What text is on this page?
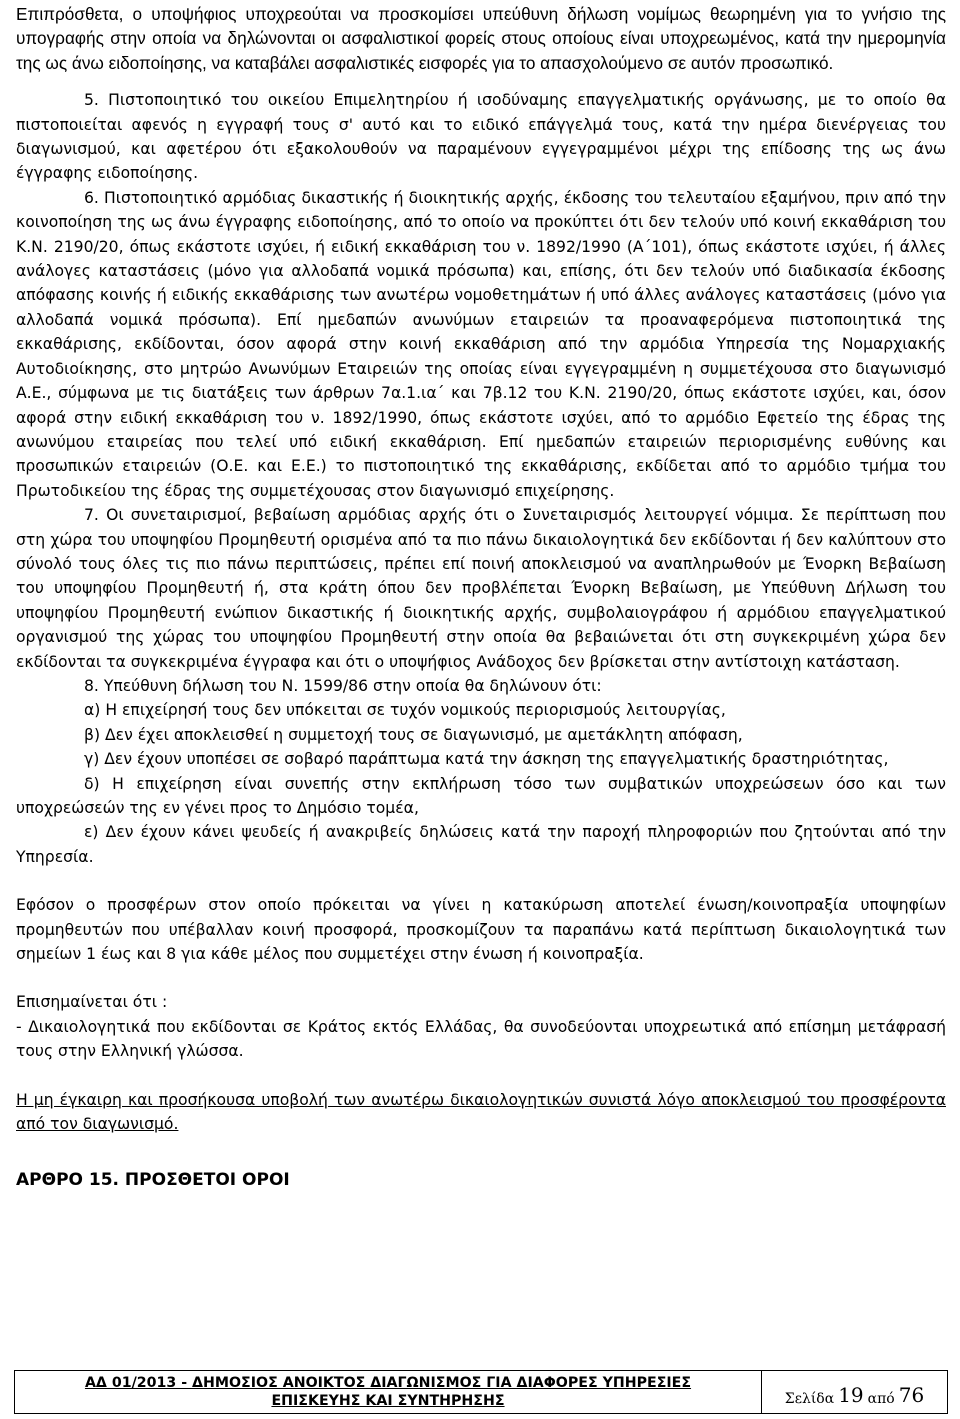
Επιπρόσθετα, ο υποψήφιος υποχρεούται να προσκομίσει υπεύθυνη δήλωση νομίμως θεωρημένη για το γνήσιο της υπογραφής στην οποία να δηλώνονται οι ασφαλιστικοί φορείς στους οποίους είναι υποχρεωμένος, κατά την ημερομηνία της ως άνω ειδοποίησης, να καταβάλει ασφαλιστικές εισφορές για το απασχολούμενο σε αυτόν προσωπικό.

5. Πιστοποιητικό του οικείου Επιμελητηρίου ή ισοδύναμης επαγγελματικής οργάνωσης, με το οποίο θα πιστοποιείται αφενός η εγγραφή τους σ' αυτό και το ειδικό επάγγελμά τους, κατά την ημέρα διενέργειας του διαγωνισμού, και αφετέρου ότι εξακολουθούν να παραμένουν εγγεγραμμένοι μέχρι της επίδοσης της ως άνω έγγραφης ειδοποίησης.

6. Πιστοποιητικό αρμόδιας δικαστικής ή διοικητικής αρχής, έκδοσης του τελευταίου εξαμήνου, πριν από την κοινοποίηση της ως άνω έγγραφης ειδοποίησης, από το οποίο να προκύπτει ότι δεν τελούν υπό κοινή εκκαθάριση του Κ.Ν. 2190/20, όπως εκάστοτε ισχύει, ή ειδική εκκαθάριση του ν. 1892/1990 (Α΄101), όπως εκάστοτε ισχύει, ή άλλες ανάλογες καταστάσεις (μόνο για αλλοδαπά νομικά πρόσωπα) και, επίσης, ότι δεν τελούν υπό διαδικασία έκδοσης απόφασης κοινής ή ειδικής εκκαθάρισης των ανωτέρω νομοθετημάτων ή υπό άλλες ανάλογες καταστάσεις (μόνο για αλλοδαπά νομικά πρόσωπα). Επί ημεδαπών ανωνύμων εταιρειών τα προαναφερόμενα πιστοποιητικά της εκκαθάρισης, εκδίδονται, όσον αφορά στην κοινή εκκαθάριση από την αρμόδια Υπηρεσία της Νομαρχιακής Αυτοδιοίκησης, στο μητρώο Ανωνύμων Εταιρειών της οποίας είναι εγγεγραμμένη η συμμετέχουσα στο διαγωνισμό Α.Ε., σύμφωνα με τις διατάξεις των άρθρων 7α.1.ια΄ και 7β.12 του Κ.Ν. 2190/20, όπως εκάστοτε ισχύει, και, όσον αφορά στην ειδική εκκαθάριση του ν. 1892/1990, όπως εκάστοτε ισχύει, από το αρμόδιο Εφετείο της έδρας της ανωνύμου εταιρείας που τελεί υπό ειδική εκκαθάριση. Επί ημεδαπών εταιρειών περιορισμένης ευθύνης και προσωπικών εταιρειών (Ο.Ε. και Ε.Ε.) το πιστοποιητικό της εκκαθάρισης, εκδίδεται από το αρμόδιο τμήμα του Πρωτοδικείου της έδρας της συμμετέχουσας στον διαγωνισμό επιχείρησης.

7. Οι συνεταιρισμοί, βεβαίωση αρμόδιας αρχής ότι ο Συνεταιρισμός λειτουργεί νόμιμα. Σε περίπτωση που στη χώρα του υποψηφίου Προμηθευτή ορισμένα από τα πιο πάνω δικαιολογητικά δεν εκδίδονται ή δεν καλύπτουν στο σύνολό τους όλες τις πιο πάνω περιπτώσεις, πρέπει επί ποινή αποκλεισμού να αναπληρωθούν με Ένορκη Βεβαίωση του υποψηφίου Προμηθευτή ή, στα κράτη όπου δεν προβλέπεται Ένορκη Βεβαίωση, με Υπεύθυνη Δήλωση του υποψηφίου Προμηθευτή ενώπιον δικαστικής ή διοικητικής αρχής, συμβολαιογράφου ή αρμόδιου επαγγελματικού οργανισμού της χώρας του υποψηφίου Προμηθευτή στην οποία θα βεβαιώνεται ότι στη συγκεκριμένη χώρα δεν εκδίδονται τα συγκεκριμένα έγγραφα και ότι ο υποψήφιος Ανάδοχος δεν βρίσκεται στην αντίστοιχη κατάσταση.

8. Υπεύθυνη δήλωση του Ν. 1599/86 στην οποία θα δηλώνουν ότι:

α) Η επιχείρησή τους δεν υπόκειται σε τυχόν νομικούς περιορισμούς λειτουργίας,

β) Δεν έχει αποκλεισθεί η συμμετοχή τους σε διαγωνισμό, με αμετάκλητη απόφαση,

γ) Δεν έχουν υποπέσει σε σοβαρό παράπτωμα κατά την άσκηση της επαγγελματικής δραστηριότητας,

δ) Η επιχείρηση είναι συνεπής στην εκπλήρωση τόσο των συμβατικών υποχρεώσεων όσο και των υποχρεώσεών της εν γένει προς το Δημόσιο τομέα,

ε) Δεν έχουν κάνει ψευδείς ή ανακριβείς δηλώσεις κατά την παροχή πληροφοριών που ζητούνται από την Υπηρεσία.

Εφόσον ο προσφέρων στον οποίο πρόκειται να γίνει η κατακύρωση αποτελεί ένωση/κοινοπραξία υποψηφίων προμηθευτών που υπέβαλλαν κοινή προσφορά, προσκομίζουν τα παραπάνω κατά περίπτωση δικαιολογητικά των σημείων 1 έως και 8 για κάθε μέλος που συμμετέχει στην ένωση ή κοινοπραξία.

Επισημαίνεται ότι :

- Δικαιολογητικά που εκδίδονται σε Κράτος εκτός Ελλάδας, θα συνοδεύονται υποχρεωτικά από επίσημη μετάφρασή τους στην Ελληνική γλώσσα.

Η μη έγκαιρη και προσήκουσα υποβολή των ανωτέρω δικαιολογητικών συνιστά λόγο αποκλεισμού του προσφέροντα από τον διαγωνισμό.

ΑΡΘΡΟ 15. ΠΡΟΣΘΕΤΟΙ ΟΡΟΙ

ΑΔ 01/2013 - ΔΗΜΟΣΙΟΣ ΑΝΟΙΚΤΟΣ ΔΙΑΓΩΝΙΣΜΟΣ ΓΙΑ ΔΙΑΦΟΡΕΣ ΥΠΗΡΕΣΙΕΣ
ΕΠΙΣΚΕΥΗΣ ΚΑΙ ΣΥΝΤΗΡΗΣΗΣ	Σελίδα 19 από 76
